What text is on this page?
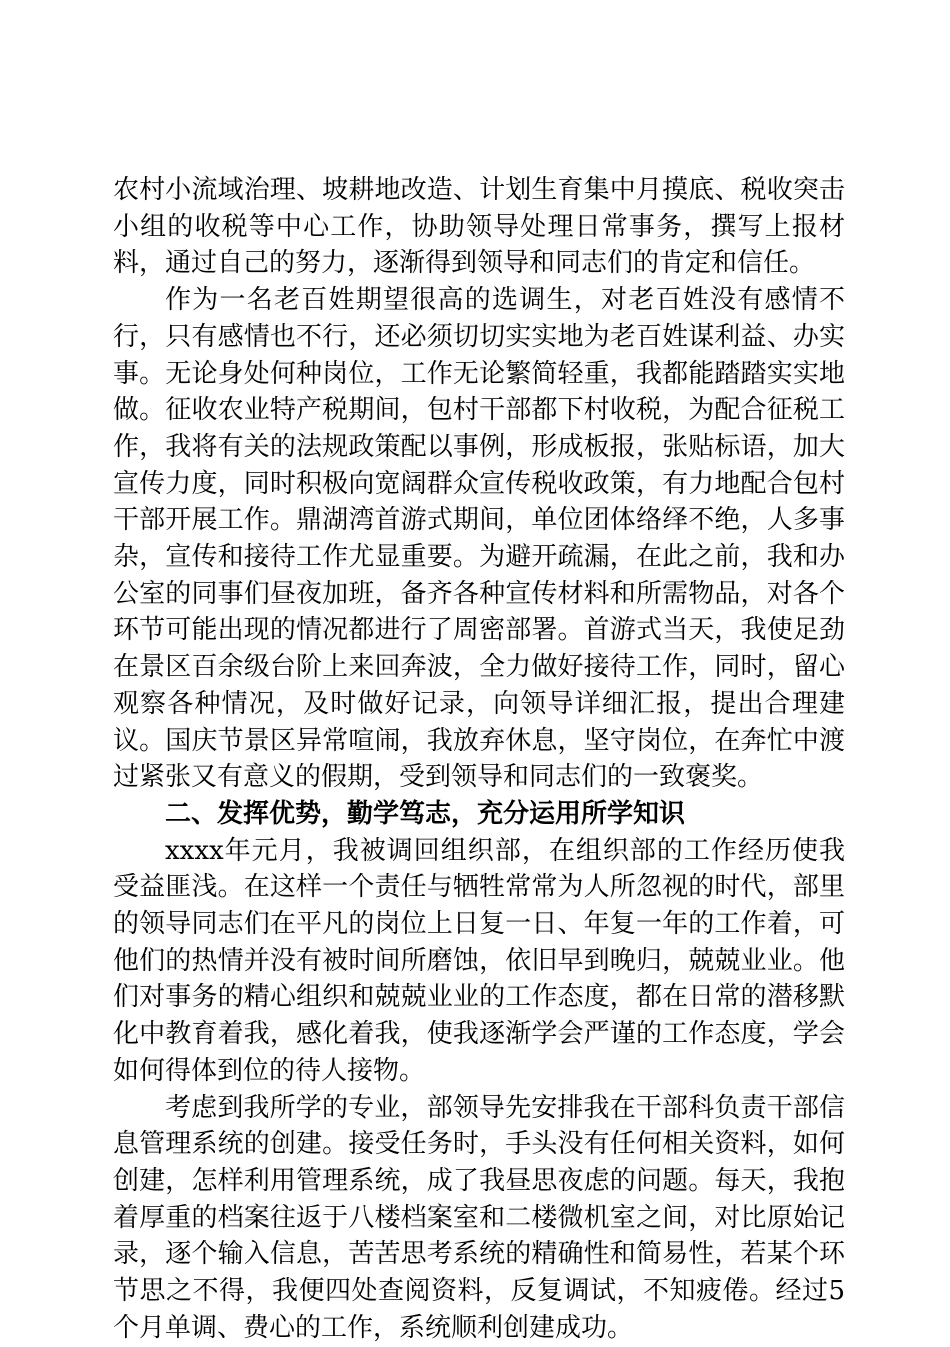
农村小流域治理、坡耕地改造、计划生育集中月摸底、税收突击小组的收税等中心工作，协助领导处理日常事务，撰写上报材料，通过自己的努力，逐渐得到领导和同志们的肯定和信任。

作为一名老百姓期望很高的选调生，对老百姓没有感情不行，只有感情也不行，还必须切切实实地为老百姓谋利益、办实事。无论身处何种岗位，工作无论繁简轻重，我都能踏踏实实地做。征收农业特产税期间，包村干部都下村收税，为配合征税工作，我将有关的法规政策配以事例，形成板报，张贴标语，加大宣传力度，同时积极向宽阔群众宣传税收政策，有力地配合包村干部开展工作。鼎湖湾首游式期间，单位团体络绎不绝，人多事杂，宣传和接待工作尤显重要。为避开疏漏，在此之前，我和办公室的同事们昼夜加班，备齐各种宣传材料和所需物品，对各个环节可能出现的情况都进行了周密部署。首游式当天，我使足劲在景区百余级台阶上来回奔波，全力做好接待工作，同时，留心观察各种情况，及时做好记录，向领导详细汇报，提出合理建议。国庆节景区异常喧闹，我放弃休息，坚守岗位，在奔忙中渡过紧张又有意义的假期，受到领导和同志们的一致褒奖。

二、发挥优势，勤学笃志，充分运用所学知识

xxxx年元月，我被调回组织部，在组织部的工作经历使我受益匪浅。在这样一个责任与牺牲常常为人所忽视的时代，部里的领导同志们在平凡的岗位上日复一日、年复一年的工作着，可他们的热情并没有被时间所磨蚀，依旧早到晚归，兢兢业业。他们对事务的精心组织和兢兢业业的工作态度，都在日常的潜移默化中教育着我，感化着我，使我逐渐学会严谨的工作态度，学会如何得体到位的待人接物。

考虑到我所学的专业，部领导先安排我在干部科负责干部信息管理系统的创建。接受任务时，手头没有任何相关资料，如何创建，怎样利用管理系统，成了我昼思夜虑的问题。每天，我抱着厚重的档案往返于八楼档案室和二楼微机室之间，对比原始记录，逐个输入信息，苦苦思考系统的精确性和简易性，若某个环节思之不得，我便四处查阅资料，反复调试，不知疲倦。经过5个月单调、费心的工作，系统顺利创建成功。
